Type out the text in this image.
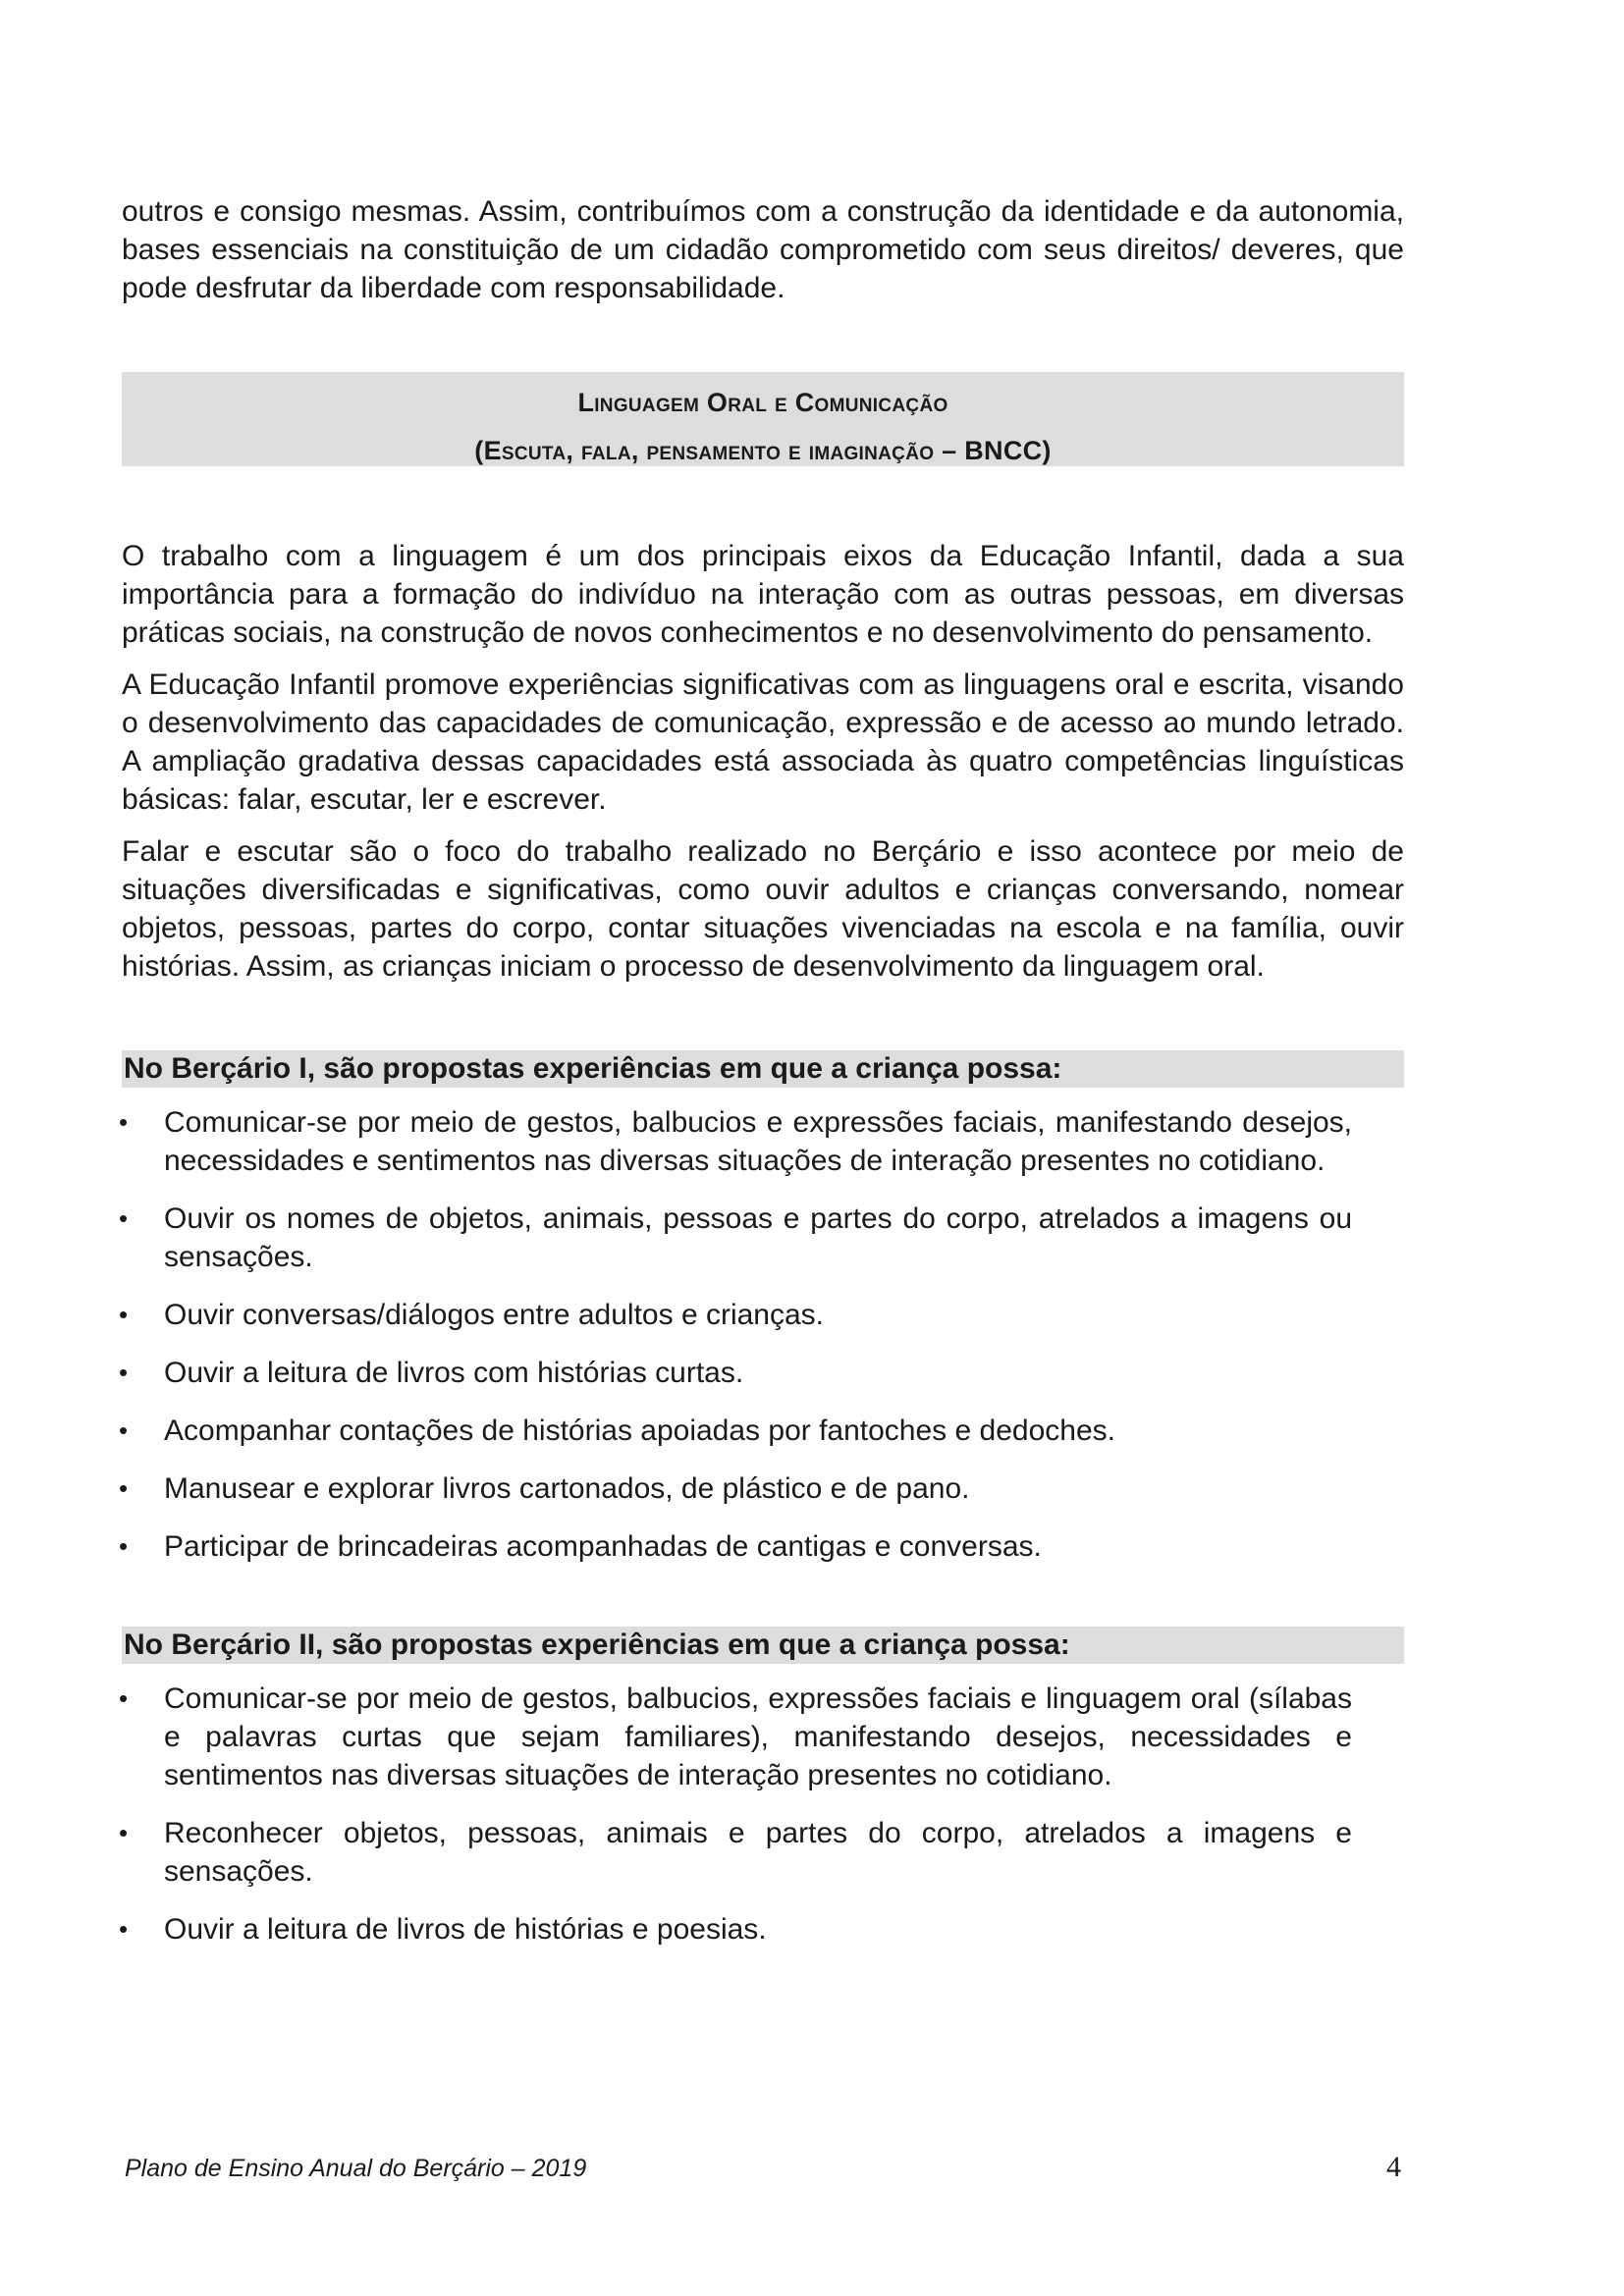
outros e consigo mesmas. Assim, contribuímos com a construção da identidade e da autonomia, bases essenciais na constituição de um cidadão comprometido com seus direitos/ deveres, que pode desfrutar da liberdade com responsabilidade.

Linguagem Oral e Comunicação
(Escuta, fala, pensamento e imaginação – BNCC)

O trabalho com a linguagem é um dos principais eixos da Educação Infantil, dada a sua importância para a formação do indivíduo na interação com as outras pessoas, em diversas práticas sociais, na construção de novos conhecimentos e no desenvolvimento do pensamento.

A Educação Infantil promove experiências significativas com as linguagens oral e escrita, visando o desenvolvimento das capacidades de comunicação, expressão e de acesso ao mundo letrado. A ampliação gradativa dessas capacidades está associada às quatro competências linguísticas básicas: falar, escutar, ler e escrever.

Falar e escutar são o foco do trabalho realizado no Berçário e isso acontece por meio de situações diversificadas e significativas, como ouvir adultos e crianças conversando, nomear objetos, pessoas, partes do corpo, contar situações vivenciadas na escola e na família, ouvir histórias. Assim, as crianças iniciam o processo de desenvolvimento da linguagem oral.

No Berçário I, são propostas experiências em que a criança possa:
• Comunicar-se por meio de gestos, balbucios e expressões faciais, manifestando desejos, necessidades e sentimentos nas diversas situações de interação presentes no cotidiano.
• Ouvir os nomes de objetos, animais, pessoas e partes do corpo, atrelados a imagens ou sensações.
• Ouvir conversas/diálogos entre adultos e crianças.
• Ouvir a leitura de livros com histórias curtas.
• Acompanhar contações de histórias apoiadas por fantoches e dedoches.
• Manusear e explorar livros cartonados, de plástico e de pano.
• Participar de brincadeiras acompanhadas de cantigas e conversas.
No Berçário II, são propostas experiências em que a criança possa:
• Comunicar-se por meio de gestos, balbucios, expressões faciais e linguagem oral (sílabas e palavras curtas que sejam familiares), manifestando desejos, necessidades e sentimentos nas diversas situações de interação presentes no cotidiano.
• Reconhecer objetos, pessoas, animais e partes do corpo, atrelados a imagens e sensações.
• Ouvir a leitura de livros de histórias e poesias.
Plano de Ensino Anual do Berçário – 2019	4
